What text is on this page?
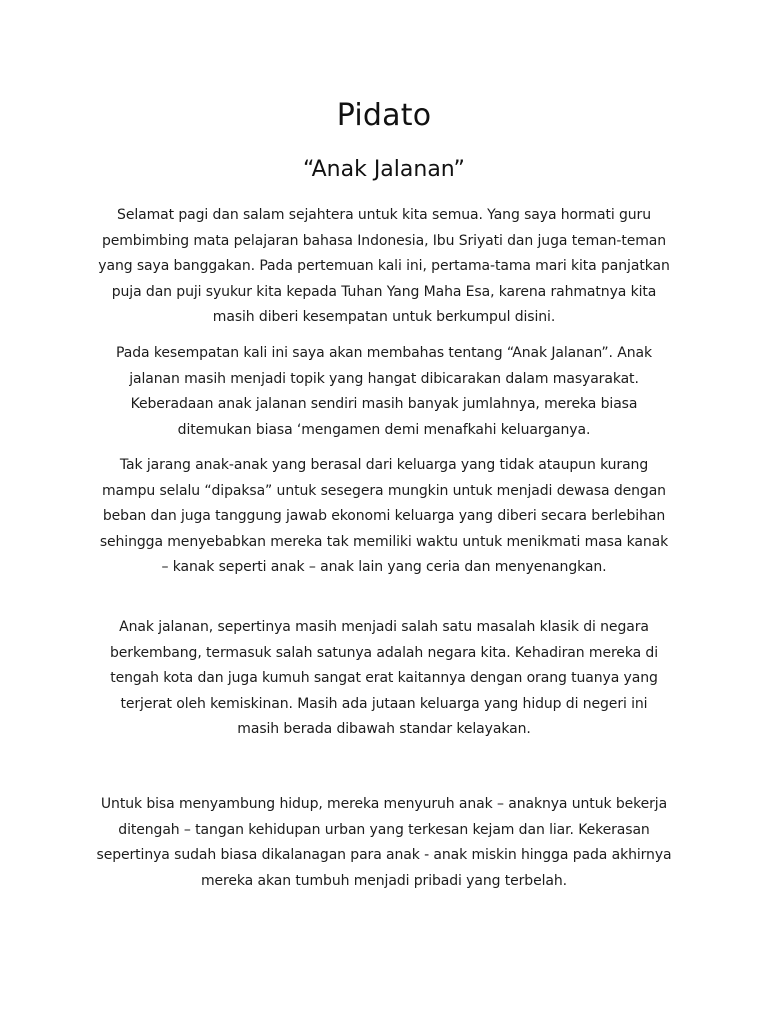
Pidato
“Anak Jalanan”
Selamat pagi dan salam sejahtera untuk kita semua. Yang saya hormati guru
pembimbing mata pelajaran bahasa Indonesia, Ibu Sriyati dan juga teman-teman
yang saya banggakan. Pada pertemuan kali ini, pertama-tama mari kita panjatkan
puja dan puji syukur kita kepada Tuhan Yang Maha Esa, karena rahmatnya kita
masih diberi kesempatan untuk berkumpul disini.
Pada kesempatan kali ini saya akan membahas tentang “Anak Jalanan”. Anak
jalanan masih menjadi topik yang hangat dibicarakan dalam masyarakat.
Keberadaan anak jalanan sendiri masih banyak jumlahnya, mereka biasa
ditemukan biasa ‘mengamen demi menafkahi keluarganya.
Tak jarang anak-anak yang berasal dari keluarga yang tidak ataupun kurang
mampu selalu “dipaksa” untuk sesegera mungkin untuk menjadi dewasa dengan
beban dan juga tanggung jawab ekonomi keluarga yang diberi secara berlebihan
sehingga menyebabkan mereka tak memiliki waktu untuk menikmati masa kanak
– kanak seperti anak – anak lain yang ceria dan menyenangkan.
Anak jalanan, sepertinya masih menjadi salah satu masalah klasik di negara
berkembang, termasuk salah satunya adalah negara kita. Kehadiran mereka di
tengah kota dan juga kumuh sangat erat kaitannya dengan orang tuanya yang
terjerat oleh kemiskinan. Masih ada jutaan keluarga yang hidup di negeri ini
masih berada dibawah standar kelayakan.
Untuk bisa menyambung hidup, mereka menyuruh anak – anaknya untuk bekerja
ditengah – tangan kehidupan urban yang terkesan kejam dan liar. Kekerasan
sepertinya sudah biasa dikalanagan para anak - anak miskin hingga pada akhirnya
mereka akan tumbuh menjadi pribadi yang terbelah.
